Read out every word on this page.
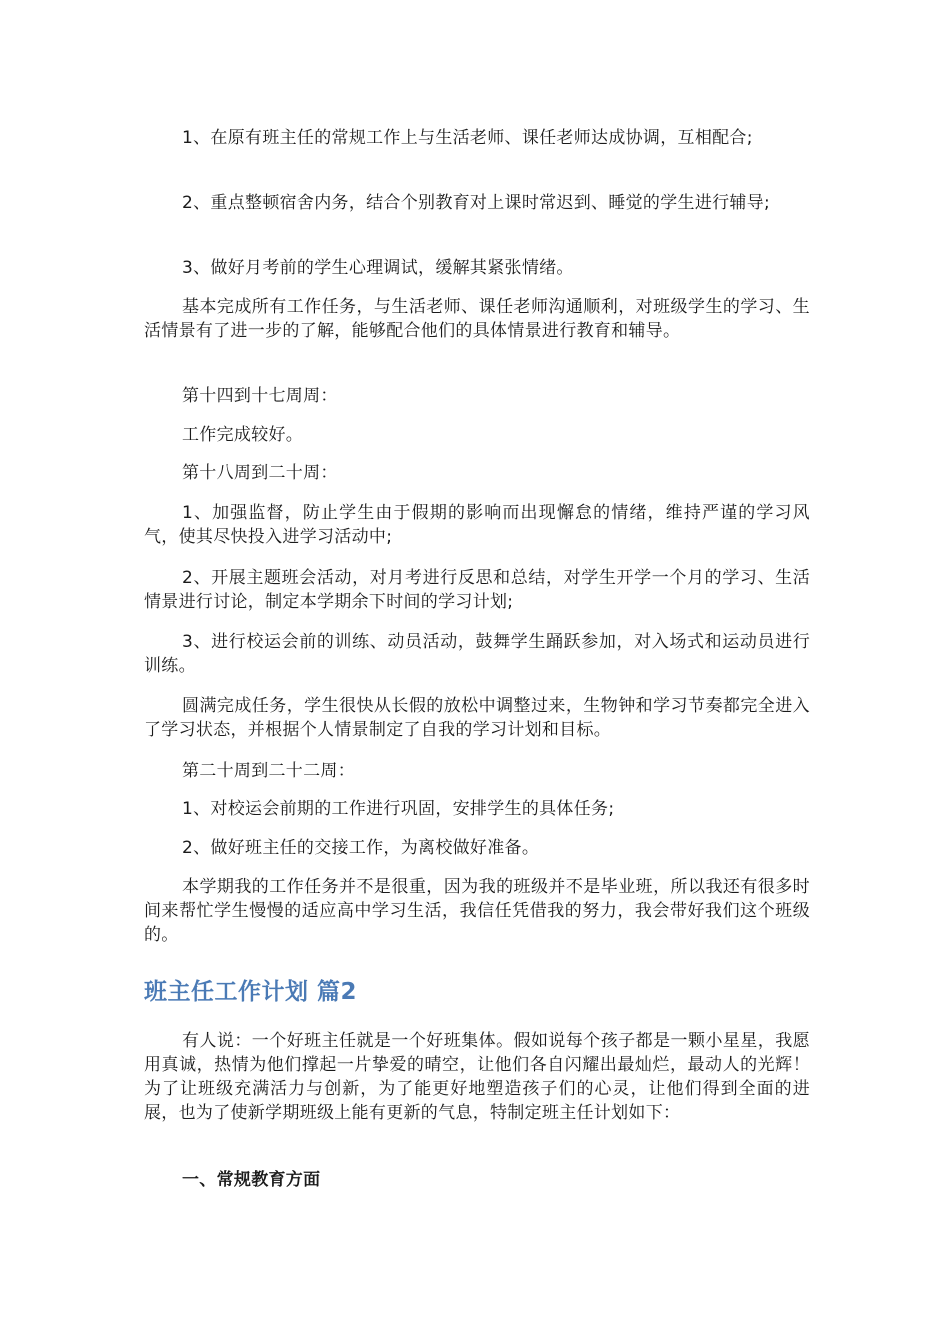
1、在原有班主任的常规工作上与生活老师、课任老师达成协调，互相配合;

2、重点整顿宿舍内务，结合个别教育对上课时常迟到、睡觉的学生进行辅导;

3、做好月考前的学生心理调试，缓解其紧张情绪。

基本完成所有工作任务，与生活老师、课任老师沟通顺利，对班级学生的学习、生活情景有了进一步的了解，能够配合他们的具体情景进行教育和辅导。

第十四到十七周周：

工作完成较好。

第十八周到二十周：

1、加强监督，防止学生由于假期的影响而出现懈怠的情绪，维持严谨的学习风气，使其尽快投入进学习活动中;

2、开展主题班会活动，对月考进行反思和总结，对学生开学一个月的学习、生活情景进行讨论，制定本学期余下时间的学习计划;

3、进行校运会前的训练、动员活动，鼓舞学生踊跃参加，对入场式和运动员进行训练。

圆满完成任务，学生很快从长假的放松中调整过来，生物钟和学习节奏都完全进入了学习状态，并根据个人情景制定了自我的学习计划和目标。

第二十周到二十二周：

1、对校运会前期的工作进行巩固，安排学生的具体任务;

2、做好班主任的交接工作，为离校做好准备。

本学期我的工作任务并不是很重，因为我的班级并不是毕业班，所以我还有很多时间来帮忙学生慢慢的适应高中学习生活，我信任凭借我的努力，我会带好我们这个班级的。

班主任工作计划 篇2

有人说：一个好班主任就是一个好班集体。假如说每个孩子都是一颗小星星，我愿用真诚，热情为他们撑起一片挚爱的晴空，让他们各自闪耀出最灿烂，最动人的光辉！为了让班级充满活力与创新，为了能更好地塑造孩子们的心灵，让他们得到全面的进展，也为了使新学期班级上能有更新的气息，特制定班主任计划如下：

一、常规教育方面
